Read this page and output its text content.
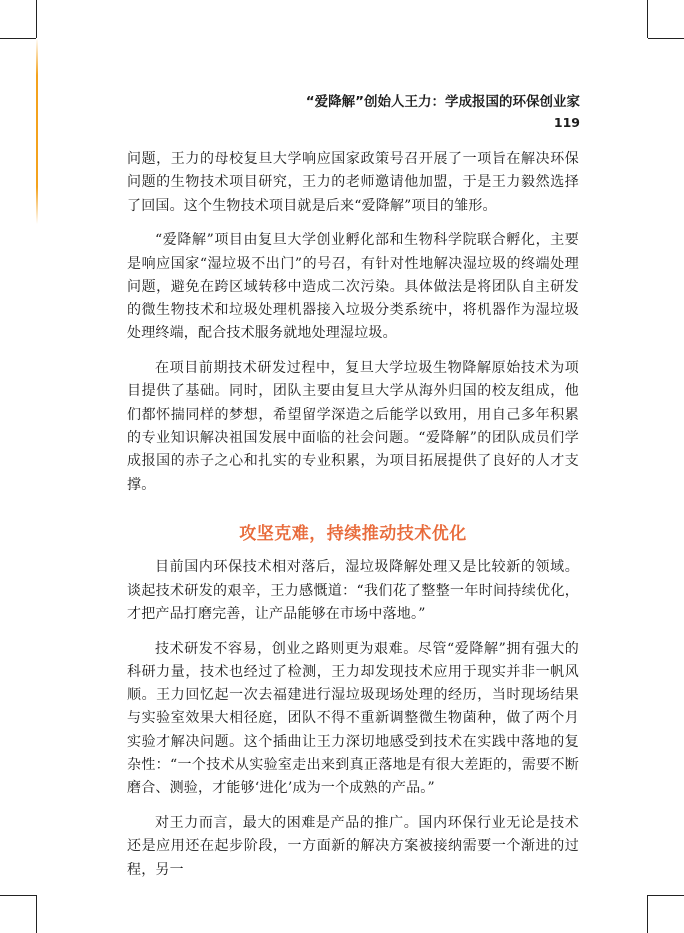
“爱降解”创始人王力：学成报国的环保创业家
119

问题，王力的母校复旦大学响应国家政策号召开展了一项旨在解决环保问题的生物技术项目研究，王力的老师邀请他加盟，于是王力毅然选择了回国。这个生物技术项目就是后来“爱降解”项目的雏形。

“爱降解”项目由复旦大学创业孵化部和生物科学院联合孵化，主要是响应国家“湿垃圾不出门”的号召，有针对性地解决湿垃圾的终端处理问题，避免在跨区域转移中造成二次污染。具体做法是将团队自主研发的微生物技术和垃圾处理机器接入垃圾分类系统中，将机器作为湿垃圾处理终端，配合技术服务就地处理湿垃圾。

在项目前期技术研发过程中，复旦大学垃圾生物降解原始技术为项目提供了基础。同时，团队主要由复旦大学从海外归国的校友组成，他们都怀揣同样的梦想，希望留学深造之后能学以致用，用自己多年积累的专业知识解决祖国发展中面临的社会问题。“爱降解”的团队成员们学成报国的赤子之心和扎实的专业积累，为项目拓展提供了良好的人才支撑。

攻坚克难，持续推动技术优化

目前国内环保技术相对落后，湿垃圾降解处理又是比较新的领域。谈起技术研发的艰辛，王力感慨道：“我们花了整整一年时间持续优化，才把产品打磨完善，让产品能够在市场中落地。”

技术研发不容易，创业之路则更为艰难。尽管“爱降解”拥有强大的科研力量，技术也经过了检测，王力却发现技术应用于现实并非一帆风顺。王力回忆起一次去福建进行湿垃圾现场处理的经历，当时现场结果与实验室效果大相径庭，团队不得不重新调整微生物菌种，做了两个月实验才解决问题。这个插曲让王力深切地感受到技术在实践中落地的复杂性：“一个技术从实验室走出来到真正落地是有很大差距的，需要不断磨合、测验，才能够‘进化’成为一个成熟的产品。”

对王力而言，最大的困难是产品的推广。国内环保行业无论是技术还是应用还在起步阶段，一方面新的解决方案被接纳需要一个渐进的过程，另一
